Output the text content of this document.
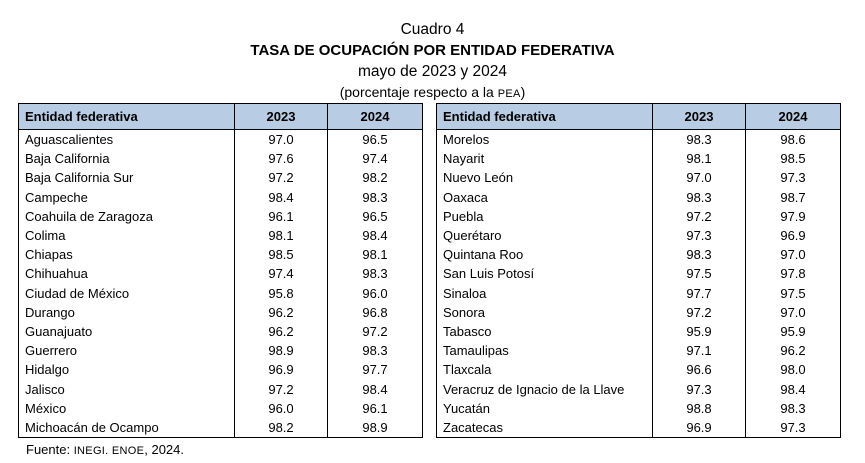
Cuadro 4
TASA DE OCUPACIÓN POR ENTIDAD FEDERATIVA
mayo de 2023 y 2024
(porcentaje respecto a la PEA)
Entidad federativa	2023	2024
Aguascalientes	97.0	96.5
Baja California	97.6	97.4
Baja California Sur	97.2	98.2
Campeche	98.4	98.3
Coahuila de Zaragoza	96.1	96.5
Colima	98.1	98.4
Chiapas	98.5	98.1
Chihuahua	97.4	98.3
Ciudad de México	95.8	96.0
Durango	96.2	96.8
Guanajuato	96.2	97.2
Guerrero	98.9	98.3
Hidalgo	96.9	97.7
Jalisco	97.2	98.4
México	96.0	96.1
Michoacán de Ocampo	98.2	98.9
Entidad federativa	2023	2024
Morelos	98.3	98.6
Nayarit	98.1	98.5
Nuevo León	97.0	97.3
Oaxaca	98.3	98.7
Puebla	97.2	97.9
Querétaro	97.3	96.9
Quintana Roo	98.3	97.0
San Luis Potosí	97.5	97.8
Sinaloa	97.7	97.5
Sonora	97.2	97.0
Tabasco	95.9	95.9
Tamaulipas	97.1	96.2
Tlaxcala	96.6	98.0
Veracruz de Ignacio de la Llave	97.3	98.4
Yucatán	98.8	98.3
Zacatecas	96.9	97.3
Fuente: INEGI. ENOE, 2024.
